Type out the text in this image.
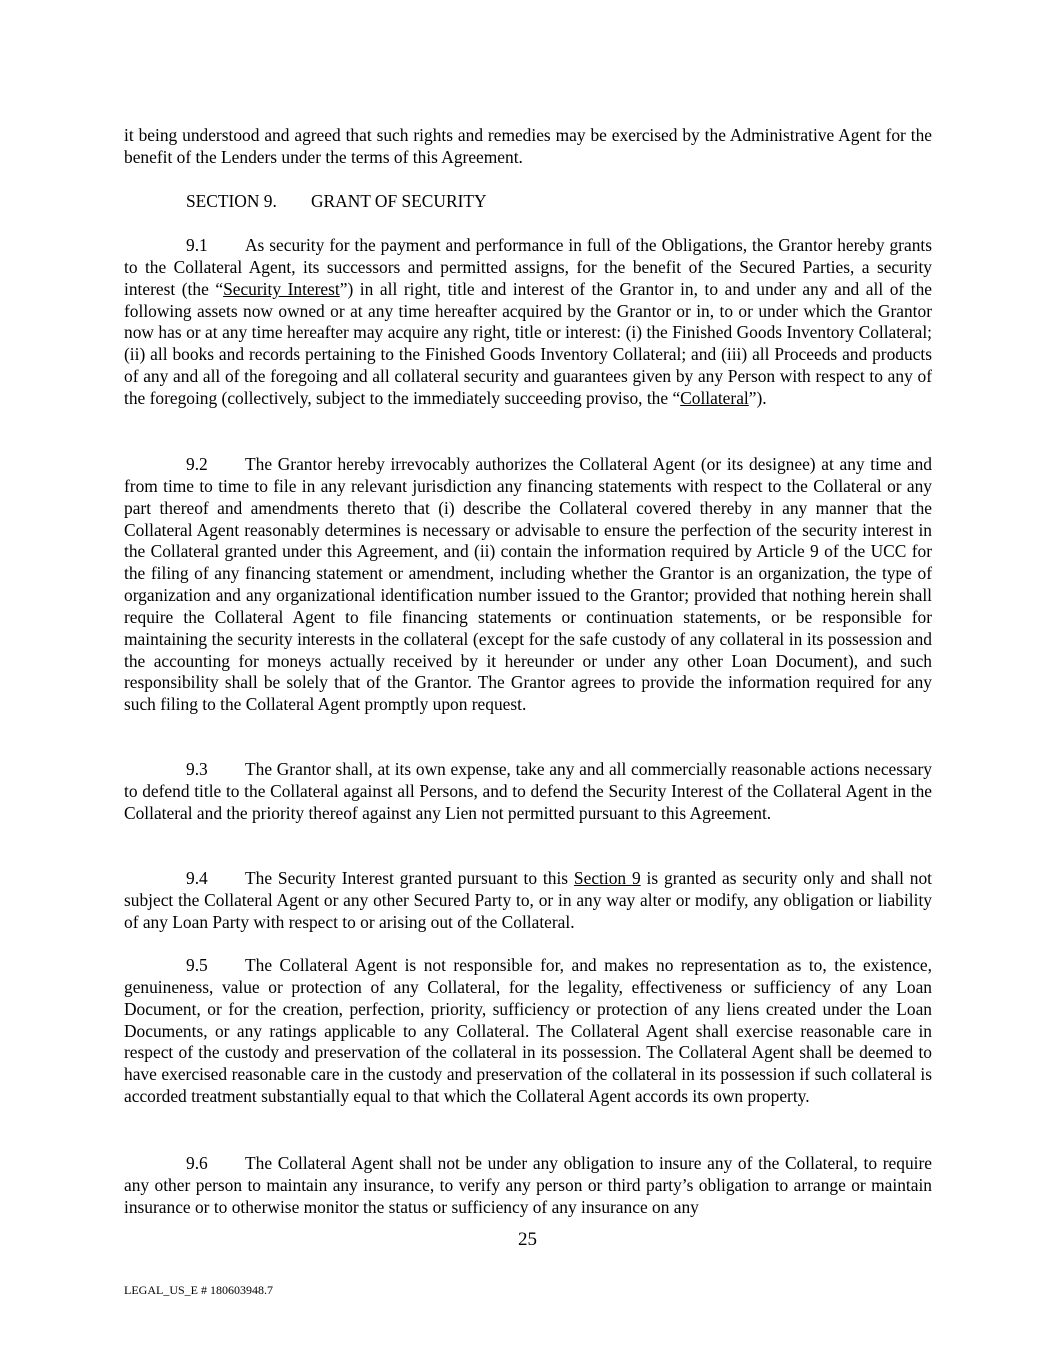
it being understood and agreed that such rights and remedies may be exercised by the Administrative Agent for the benefit of the Lenders under the terms of this Agreement.

SECTION 9. GRANT OF SECURITY

9.1 As security for the payment and performance in full of the Obligations, the Grantor hereby grants to the Collateral Agent, its successors and permitted assigns, for the benefit of the Secured Parties, a security interest (the “Security Interest”) in all right, title and interest of the Grantor in, to and under any and all of the following assets now owned or at any time hereafter acquired by the Grantor or in, to or under which the Grantor now has or at any time hereafter may acquire any right, title or interest: (i) the Finished Goods Inventory Collateral; (ii) all books and records pertaining to the Finished Goods Inventory Collateral; and (iii) all Proceeds and products of any and all of the foregoing and all collateral security and guarantees given by any Person with respect to any of the foregoing (collectively, subject to the immediately succeeding proviso, the “Collateral”).

9.2 The Grantor hereby irrevocably authorizes the Collateral Agent (or its designee) at any time and from time to time to file in any relevant jurisdiction any financing statements with respect to the Collateral or any part thereof and amendments thereto that (i) describe the Collateral covered thereby in any manner that the Collateral Agent reasonably determines is necessary or advisable to ensure the perfection of the security interest in the Collateral granted under this Agreement, and (ii) contain the information required by Article 9 of the UCC for the filing of any financing statement or amendment, including whether the Grantor is an organization, the type of organization and any organizational identification number issued to the Grantor; provided that nothing herein shall require the Collateral Agent to file financing statements or continuation statements, or be responsible for maintaining the security interests in the collateral (except for the safe custody of any collateral in its possession and the accounting for moneys actually received by it hereunder or under any other Loan Document), and such responsibility shall be solely that of the Grantor. The Grantor agrees to provide the information required for any such filing to the Collateral Agent promptly upon request.

9.3 The Grantor shall, at its own expense, take any and all commercially reasonable actions necessary to defend title to the Collateral against all Persons, and to defend the Security Interest of the Collateral Agent in the Collateral and the priority thereof against any Lien not permitted pursuant to this Agreement.

9.4 The Security Interest granted pursuant to this Section 9 is granted as security only and shall not subject the Collateral Agent or any other Secured Party to, or in any way alter or modify, any obligation or liability of any Loan Party with respect to or arising out of the Collateral.

9.5 The Collateral Agent is not responsible for, and makes no representation as to, the existence, genuineness, value or protection of any Collateral, for the legality, effectiveness or sufficiency of any Loan Document, or for the creation, perfection, priority, sufficiency or protection of any liens created under the Loan Documents, or any ratings applicable to any Collateral. The Collateral Agent shall exercise reasonable care in respect of the custody and preservation of the collateral in its possession. The Collateral Agent shall be deemed to have exercised reasonable care in the custody and preservation of the collateral in its possession if such collateral is accorded treatment substantially equal to that which the Collateral Agent accords its own property.

9.6 The Collateral Agent shall not be under any obligation to insure any of the Collateral, to require any other person to maintain any insurance, to verify any person or third party’s obligation to arrange or maintain insurance or to otherwise monitor the status or sufficiency of any insurance on any

25
LEGAL_US_E # 180603948.7
